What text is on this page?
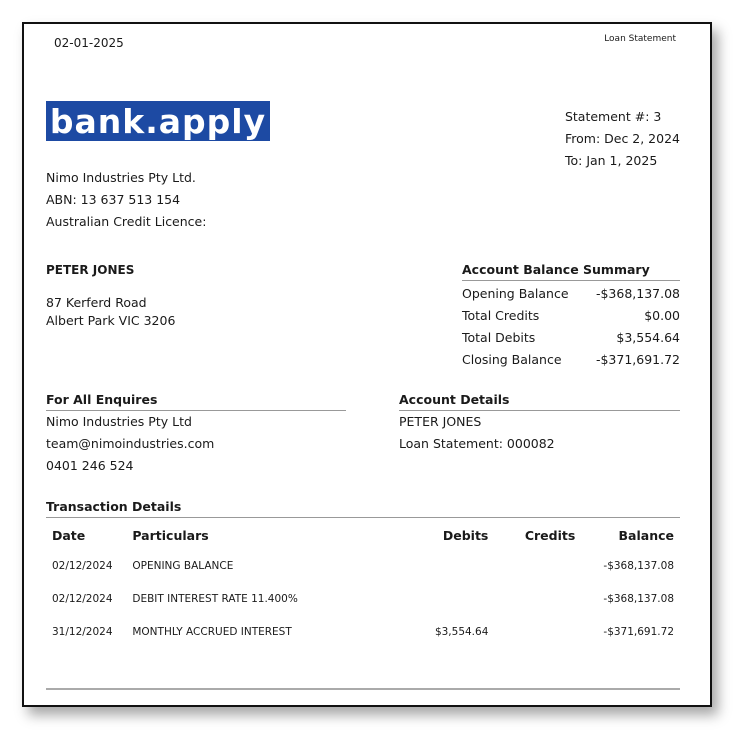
02-01-2025	Loan Statement
bank.apply	Statement #: 3
From: Dec 2, 2024
To: Jan 1, 2025
Nimo Industries Pty Ltd.
ABN: 13 637 513 154
Australian Credit Licence:
PETER JONES
87 Kerferd Road
Albert Park VIC 3206
Account Balance Summary
Opening Balance -$368,137.08
Total Credits	$0.00
Total Debits	$3,554.64
Closing Balance	-$371,691.72
For All Enquires
Nimo Industries Pty Ltd
team@nimoindustries.com
0401 246 524
Account Details
PETER JONES
Loan Statement: 000082
Transaction Details
Date	Particulars	Debits	Credits	Balance
02/12/2024	OPENING BALANCE			-$368,137.08
02/12/2024	DEBIT INTEREST RATE 11.400%			-$368,137.08
31/12/2024	MONTHLY ACCRUED INTEREST	$3,554.64		-$371,691.72
